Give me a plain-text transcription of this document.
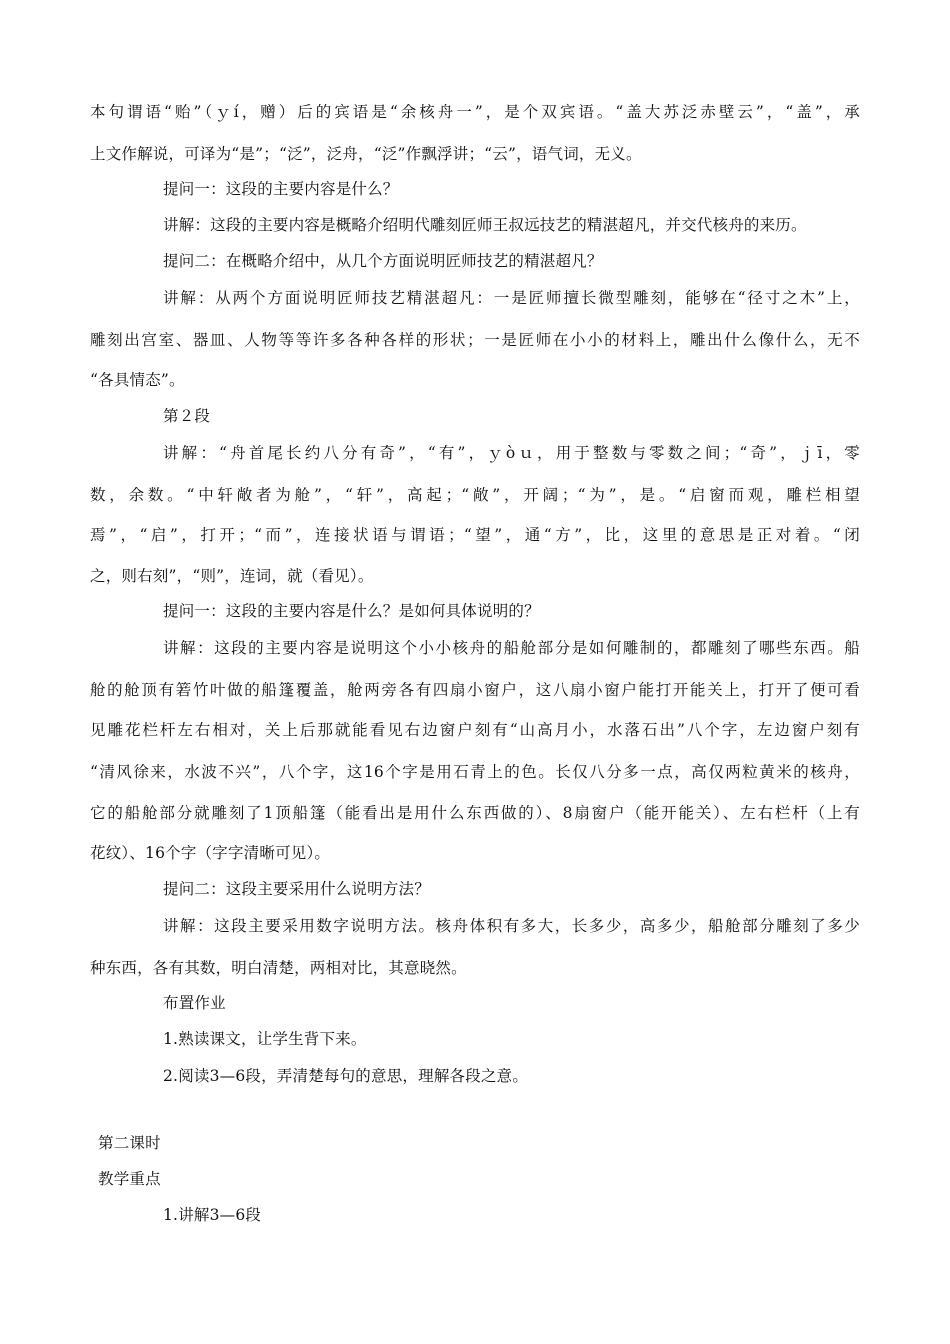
本句谓语“贻”（ｙí，赠）后的宾语是“余核舟一”，是个双宾语。“盖大苏泛赤壁云”，“盖”，承
上文作解说，可译为“是”；“泛”，泛舟，“泛”作飘浮讲；“云”，语气词，无义。
提问一：这段的主要内容是什么？
讲解：这段的主要内容是概略介绍明代雕刻匠师王叔远技艺的精湛超凡，并交代核舟的来历。
提问二：在概略介绍中，从几个方面说明匠师技艺的精湛超凡？
讲解：从两个方面说明匠师技艺精湛超凡：一是匠师擅长微型雕刻，能够在“径寸之木”上，
雕刻出宫室、器皿、人物等等许多各种各样的形状；一是匠师在小小的材料上，雕出什么像什么，无不
“各具情态”。
第２段
讲解：“舟首尾长约八分有奇”，“有”，ｙòｕ，用于整数与零数之间；“奇”，ｊī，零
数，余数。“中轩敞者为舱”，“轩”，高起；“敞”，开阔；“为”，是。“启窗而观，雕栏相望
焉”，“启”，打开；“而”，连接状语与谓语；“望”，通“方”，比，这里的意思是正对着。“闭
之，则右刻”，“则”，连词，就（看见）。
提问一：这段的主要内容是什么？是如何具体说明的？
讲解：这段的主要内容是说明这个小小核舟的船舱部分是如何雕制的，都雕刻了哪些东西。船
舱的舱顶有箬竹叶做的船篷覆盖，舱两旁各有四扇小窗户，这八扇小窗户能打开能关上，打开了便可看
见雕花栏杆左右相对，关上后那就能看见右边窗户刻有“山高月小，水落石出”八个字，左边窗户刻有
“清风徐来，水波不兴”，八个字，这16个字是用石青上的色。长仅八分多一点，高仅两粒黄米的核舟，
它的船舱部分就雕刻了1顶船篷（能看出是用什么东西做的）、8扇窗户（能开能关）、左右栏杆（上有
花纹）、16个字（字字清晰可见）。
提问二：这段主要采用什么说明方法？
讲解：这段主要采用数字说明方法。核舟体积有多大，长多少，高多少，船舱部分雕刻了多少
种东西，各有其数，明白清楚，两相对比，其意晓然。
布置作业
1.熟读课文，让学生背下来。
2.阅读3—6段，弄清楚每句的意思，理解各段之意。
第二课时
教学重点
1.讲解3—6段
